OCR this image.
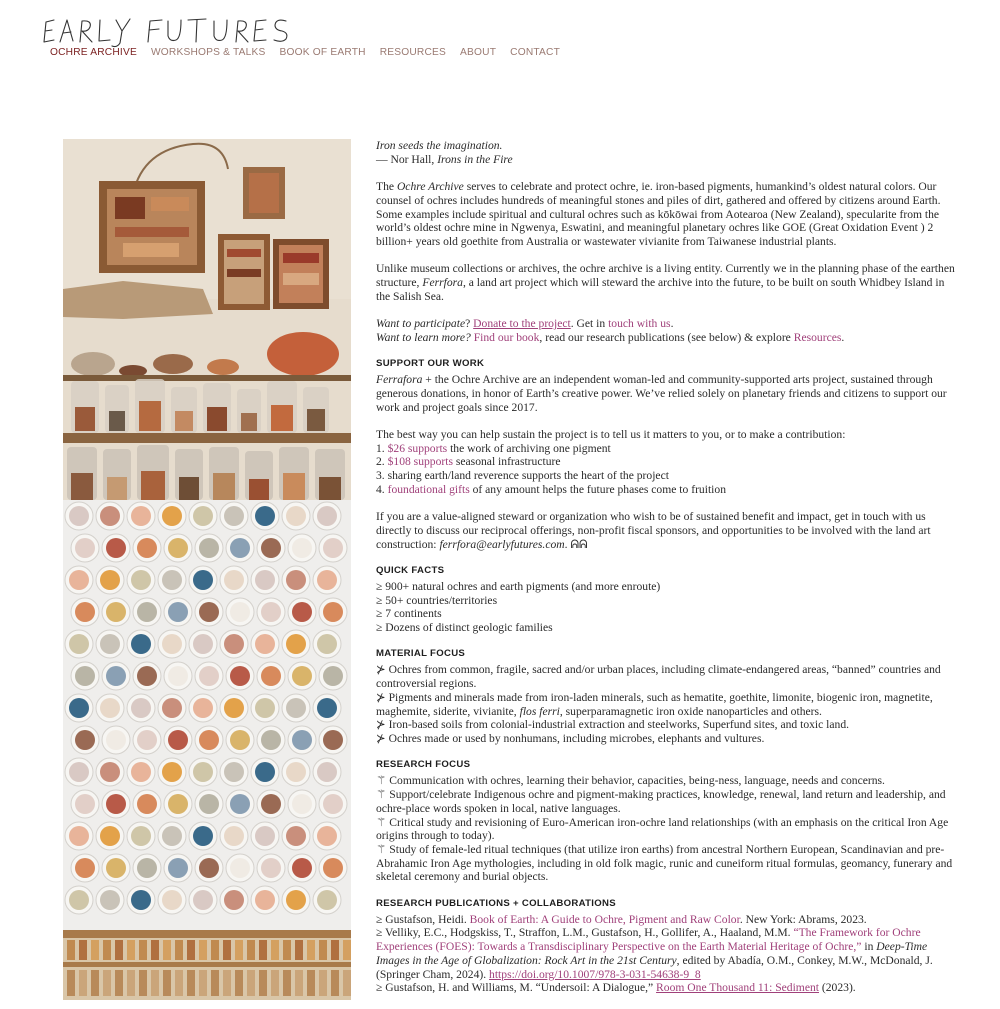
OCHRE ARCHIVE WORKSHOPS & TALKS BOOK OF EARTH RESOURCES ABOUT CONTACT

Iron seeds the imagination.
— Nor Hall, Irons in the Fire

The Ochre Archive serves to celebrate and protect ochre, ie. iron-based pigments, humankind’s oldest natural colors. Our counsel of ochres includes hundreds of meaningful stones and piles of dirt, gathered and offered by citizens around Earth. Some examples include spiritual and cultural ochres such as kōkōwai from Aotearoa (New Zealand), specularite from the world’s oldest ochre mine in Ngwenya, Eswatini, and meaningful planetary ochres like GOE (Great Oxidation Event ) 2 billion+ years old goethite from Australia or wastewater vivianite from Taiwanese industrial plants.

Unlike museum collections or archives, the ochre archive is a living entity. Currently we in the planning phase of the earthen structure, Ferrfora, a land art project which will steward the archive into the future, to be built on south Whidbey Island in the Salish Sea.

Want to participate? Donate to the project. Get in touch with us.
Want to learn more? Find our book, read our research publications (see below) & explore Resources.

SUPPORT OUR WORK

Ferrafora + the Ochre Archive are an independent woman-led and community-supported arts project, sustained through generous donations, in honor of Earth’s creative power. We’ve relied solely on planetary friends and citizens to support our work and project goals since 2017.

The best way you can help sustain the project is to tell us it matters to you, or to make a contribution:
1. $26 supports the work of archiving one pigment
2. $108 supports seasonal infrastructure
3. sharing earth/land reverence supports the heart of the project
4. foundational gifts of any amount helps the future phases come to fruition

If you are a value-aligned steward or organization who wish to be of sustained benefit and impact, get in touch with us directly to discuss our reciprocal offerings, non-profit fiscal sponsors, and opportunities to be involved with the land art construction: ferrfora@earlyfutures.com. ᕱᕱ

QUICK FACTS

≥ 900+ natural ochres and earth pigments (and more enroute)
≥ 50+ countries/territories
≥ 7 continents
≥ Dozens of distinct geologic families

MATERIAL FOCUS

⊁ Ochres from common, fragile, sacred and/or urban places, including climate-endangered areas, “banned” countries and controversial regions.
⊁ Pigments and minerals made from iron-laden minerals, such as hematite, goethite, limonite, biogenic iron, magnetite, maghemite, siderite, vivianite, flos ferri, superparamagnetic iron oxide nanoparticles and others.
⊁ Iron-based soils from colonial-industrial extraction and steelworks, Superfund sites, and toxic land.
⊁ Ochres made or used by nonhumans, including microbes, elephants and vultures.

RESEARCH FOCUS

⚚ Communication with ochres, learning their behavior, capacities, being-ness, language, needs and concerns.
⚚ Support/celebrate Indigenous ochre and pigment-making practices, knowledge, renewal, land return and leadership, and ochre-place words spoken in local, native languages.
⚚ Critical study and revisioning of Euro-American iron-ochre land relationships (with an emphasis on the critical Iron Age origins through to today).
⚚ Study of female-led ritual techniques (that utilize iron earths) from ancestral Northern European, Scandinavian and pre-Abrahamic Iron Age mythologies, including in old folk magic, runic and cuneiform ritual formulas, geomancy, funerary and skeletal ceremony and burial objects.

RESEARCH PUBLICATIONS + COLLABORATIONS

≥ Gustafson, Heidi. Book of Earth: A Guide to Ochre, Pigment and Raw Color. New York: Abrams, 2023.
≥ Velliky, E.C., Hodgskiss, T., Straffon, L.M., Gustafson, H., Gollifer, A., Haaland, M.M. “The Framework for Ochre Experiences (FOES): Towards a Transdisciplinary Perspective on the Earth Material Heritage of Ochre,” in Deep-Time Images in the Age of Globalization: Rock Art in the 21st Century, edited by Abadía, O.M., Conkey, M.W., McDonald, J. (Springer Cham, 2024). https://doi.org/10.1007/978-3-031-54638-9_8
≥ Gustafson, H. and Williams, M. “Undersoil: A Dialogue,” Room One Thousand 11: Sediment (2023).
